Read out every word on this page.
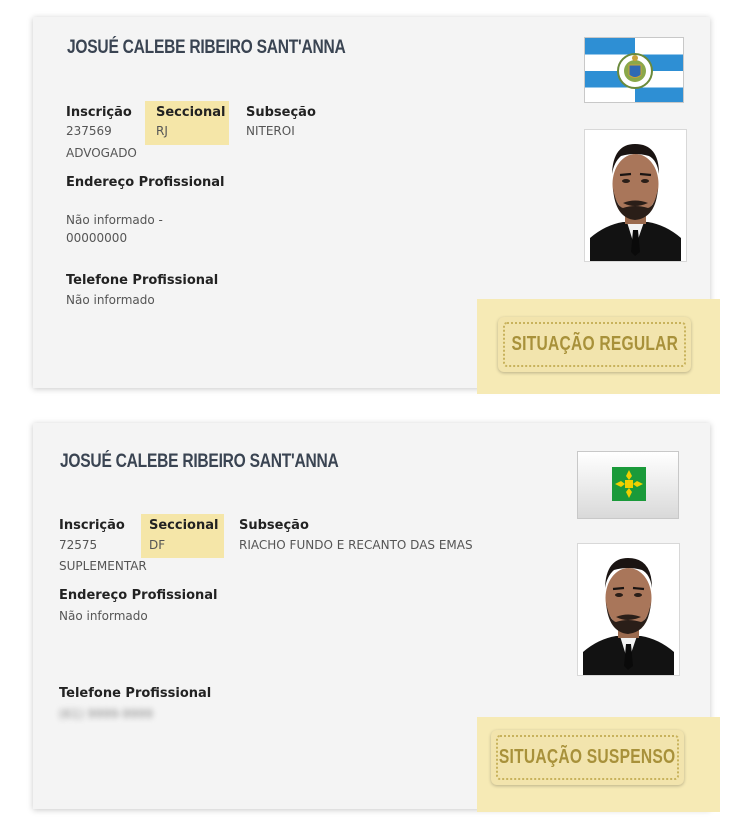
JOSUÉ CALEBE RIBEIRO SANT'ANNA
Inscrição
237569
ADVOGADO
Seccional
RJ
Subseção
NITEROI
Endereço Profissional
Não informado -
00000000
Telefone Profissional
Não informado
SITUAÇÃO REGULAR
JOSUÉ CALEBE RIBEIRO SANT'ANNA
Inscrição
72575
SUPLEMENTAR
Seccional
DF
Subseção
RIACHO FUNDO E RECANTO DAS EMAS
Endereço Profissional
Não informado
Telefone Profissional
(61) 9999-9999
SITUAÇÃO SUSPENSO
